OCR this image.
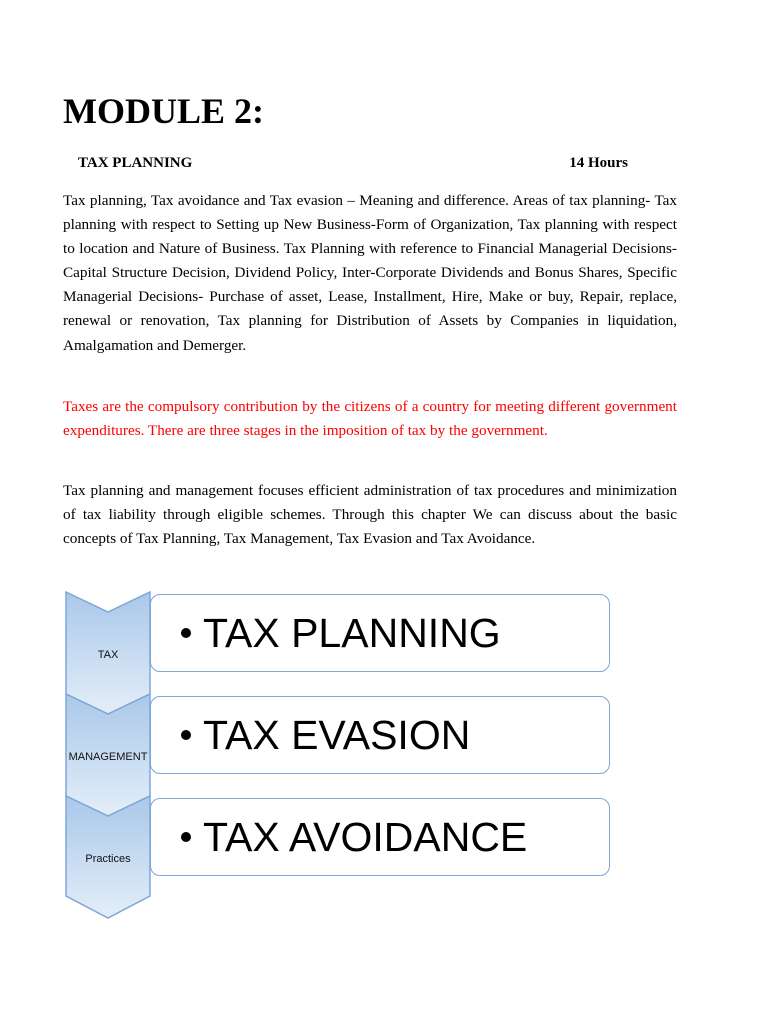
MODULE 2:
TAX PLANNING	14 Hours

Tax planning, Tax avoidance and Tax evasion – Meaning and difference. Areas of tax planning- Tax planning with respect to Setting up New Business-Form of Organization, Tax planning with respect to location and Nature of Business. Tax Planning with reference to Financial Managerial Decisions-Capital Structure Decision, Dividend Policy, Inter-Corporate Dividends and Bonus Shares, Specific Managerial Decisions- Purchase of asset, Lease, Installment, Hire, Make or buy, Repair, replace, renewal or renovation, Tax planning for Distribution of Assets by Companies in liquidation, Amalgamation and Demerger.

Taxes are the compulsory contribution by the citizens of a country for meeting different government expenditures. There are three stages in the imposition of tax by the government.

Tax planning and management focuses efficient administration of tax procedures and minimization of tax liability through eligible schemes. Through this chapter We can discuss about the basic concepts of Tax Planning, Tax Management, Tax Evasion and Tax Avoidance.

TAX
MANAGEMENT
Practices
TAX PLANNING
TAX EVASION
TAX AVOIDANCE
